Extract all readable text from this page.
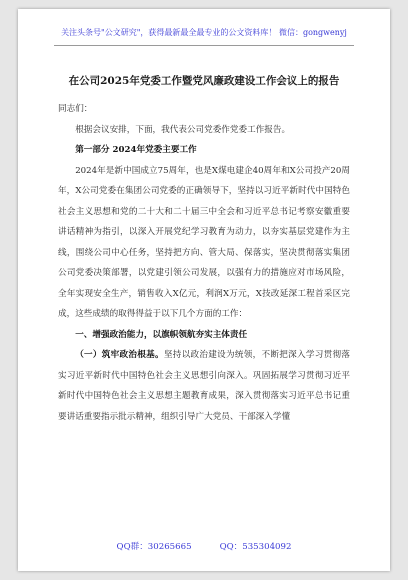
关注头条号"公文研究"，获得最新最全最专业的公文资料库！ 微信：gongwenyj
在公司2025年党委工作暨党风廉政建设工作会议上的报告

同志们：

根据会议安排，下面，我代表公司党委作党委工作报告。

第一部分 2024年党委主要工作

2024年是新中国成立75周年，也是X煤电建企40周年和X公司投产20周年，X公司党委在集团公司党委的正确领导下，坚持以习近平新时代中国特色社会主义思想和党的二十大和二十届三中全会和习近平总书记考察安徽重要讲话精神为指引，以深入开展党纪学习教育为动力，以夯实基层党建作为主线，围绕公司中心任务，坚持把方向、管大局、保落实，坚决贯彻落实集团公司党委决策部署，以党建引领公司发展，以强有力的措施应对市场风险，全年实现安全生产，销售收入X亿元，利润X万元，X技改延深工程首采区完成，这些成绩的取得得益于以下几个方面的工作：

一、增强政治能力，以旗帜领航夯实主体责任

（一）筑牢政治根基。坚持以政治建设为统领，不断把深入学习贯彻落实习近平新时代中国特色社会主义思想引向深入。巩固拓展学习贯彻习近平新时代中国特色社会主义思想主题教育成果，深入贯彻落实习近平总书记重要讲话重要指示批示精神，组织引导广大党员、干部深入学懂

QQ群：30265665	QQ：535304092
